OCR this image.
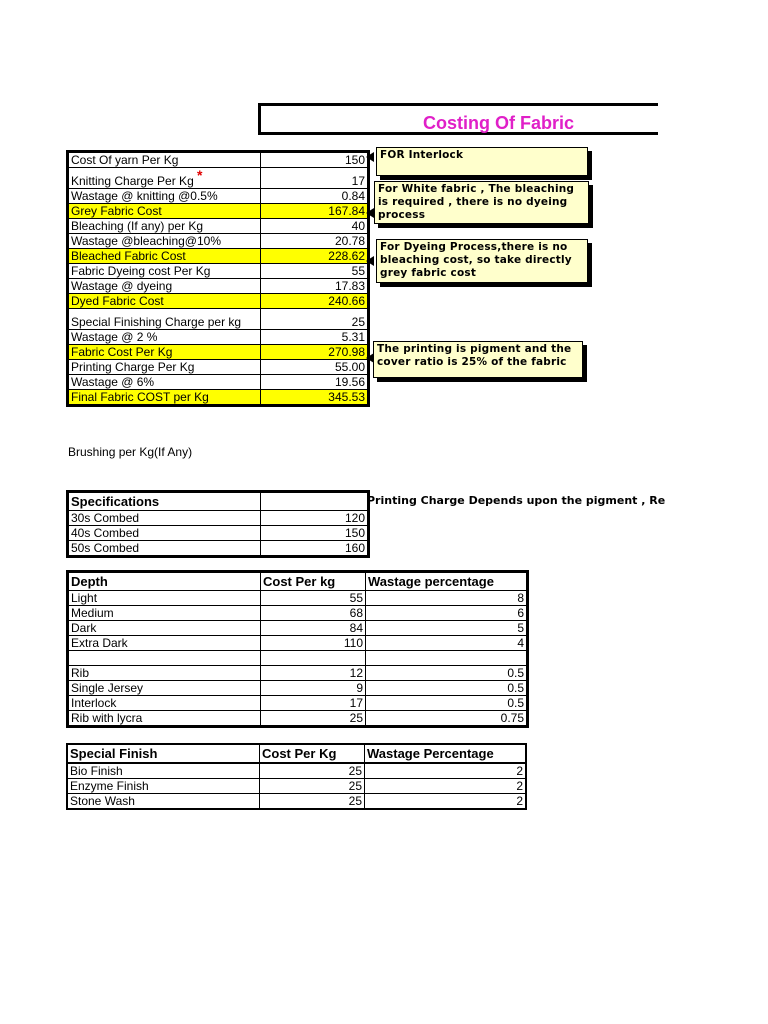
Costing Of Fabric
Cost Of yarn Per Kg	150
Knitting Charge Per Kg	17
Wastage @ knitting @0.5%	0.84
Grey Fabric Cost	167.84
Bleaching (If any) per Kg	40
Wastage @bleaching@10%	20.78
Bleached Fabric Cost	228.62
Fabric Dyeing cost Per Kg	55
Wastage @ dyeing	17.83
Dyed Fabric Cost	240.66
Special Finishing Charge per kg	25
Wastage @ 2 %	5.31
Fabric Cost Per Kg	270.98
Printing Charge Per Kg	55.00
Wastage @ 6%	19.56
Final Fabric COST per Kg	345.53
*
FOR Interlock
For White fabric , The bleaching is required , there is no dyeing process
For Dyeing Process,there is no bleaching cost, so take directly grey fabric cost
The printing is pigment and the cover ratio is 25% of the fabric
Brushing per Kg(If Any)
Specifications	
30s Combed	120
40s Combed	150
50s Combed	160
Printing Charge Depends upon the pigment , Re
Depth	Cost Per kg	Wastage percentage
Light	55	8
Medium	68	6
Dark	84	5
Extra Dark	110	4

Rib	12	0.5
Single Jersey	9	0.5
Interlock	17	0.5
Rib with lycra	25	0.75
Special Finish	Cost Per Kg	Wastage Percentage
Bio Finish	25	2
Enzyme Finish	25	2
Stone Wash	25	2
